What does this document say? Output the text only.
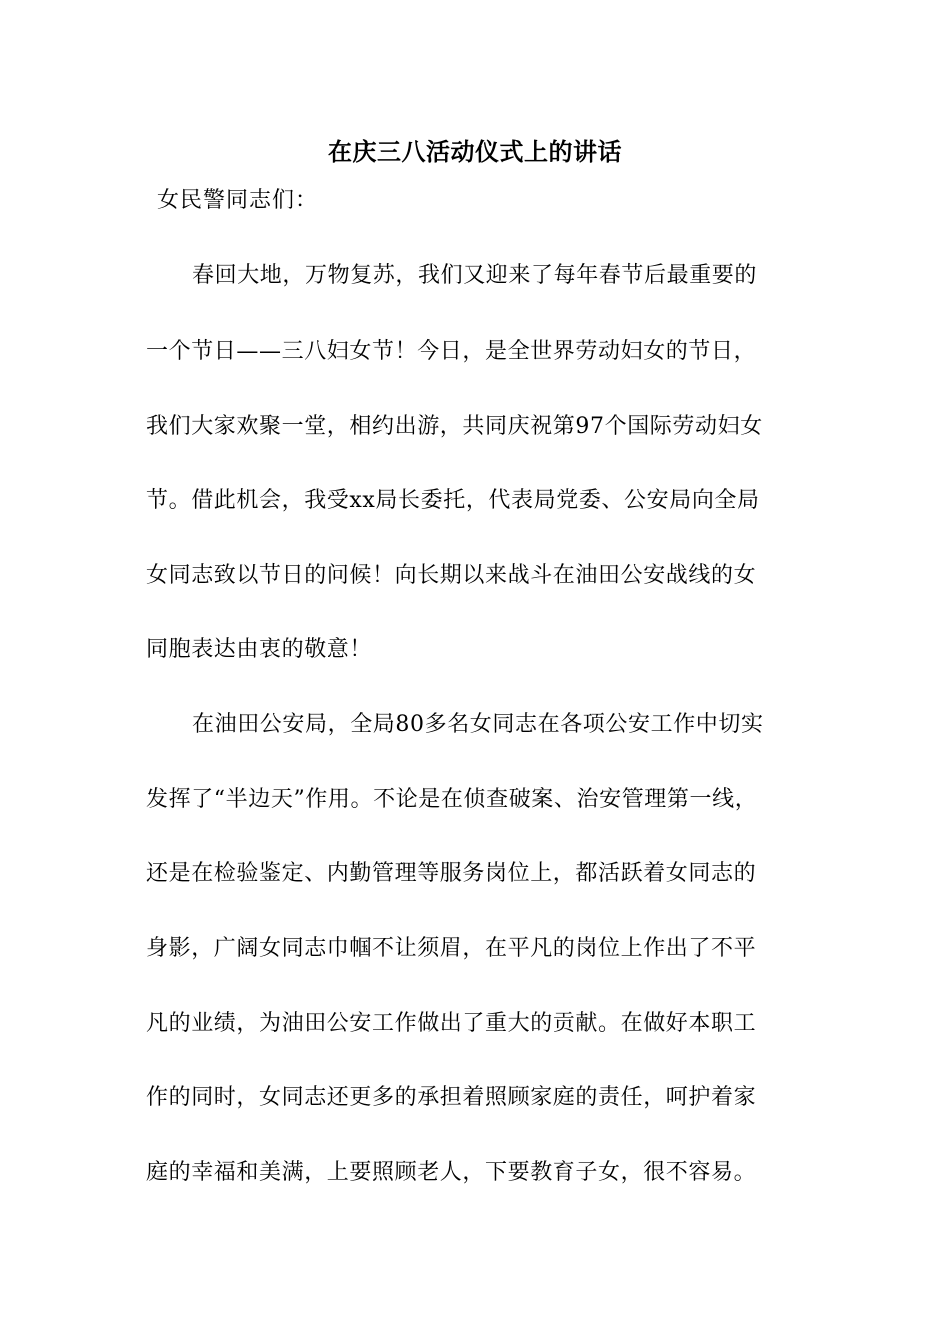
在庆三八活动仪式上的讲话
女民警同志们：
春回大地，万物复苏，我们又迎来了每年春节后最重要的
一个节日——三八妇女节！今日，是全世界劳动妇女的节日，
我们大家欢聚一堂，相约出游，共同庆祝第97个国际劳动妇女
节。借此机会，我受xx局长委托，代表局党委、公安局向全局
女同志致以节日的问候！向长期以来战斗在油田公安战线的女
同胞表达由衷的敬意！
在油田公安局，全局80多名女同志在各项公安工作中切实
发挥了“半边天”作用。不论是在侦查破案、治安管理第一线，
还是在检验鉴定、内勤管理等服务岗位上，都活跃着女同志的
身影，广阔女同志巾帼不让须眉，在平凡的岗位上作出了不平
凡的业绩，为油田公安工作做出了重大的贡献。在做好本职工
作的同时，女同志还更多的承担着照顾家庭的责任，呵护着家
庭的幸福和美满，上要照顾老人，下要教育子女，很不容易。
